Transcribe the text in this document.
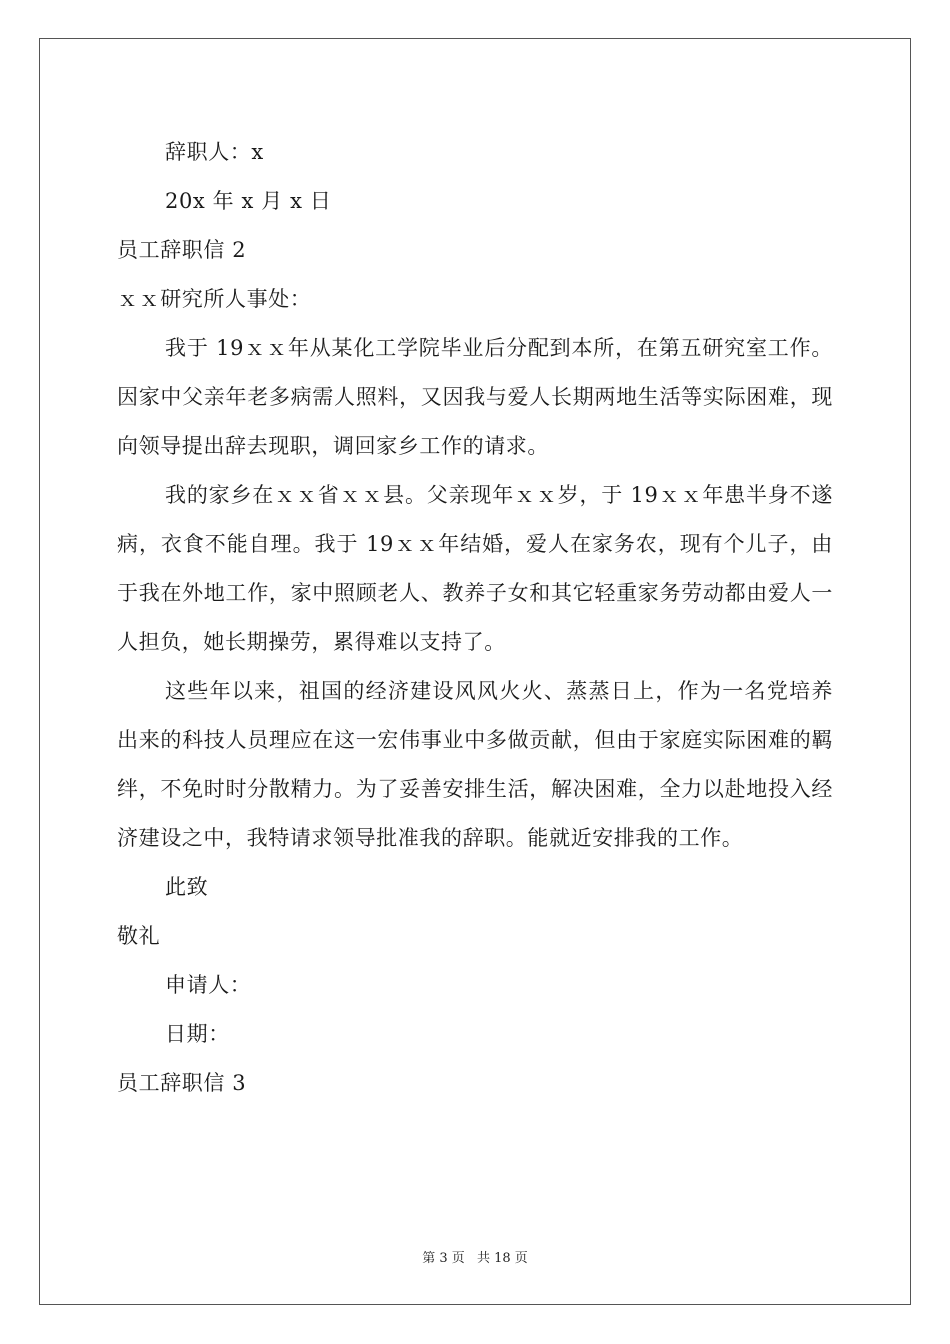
辞职人：x
20x 年 x 月 x 日
员工辞职信 2
ｘｘ研究所人事处：
我于 19ｘｘ年从某化工学院毕业后分配到本所，在第五研究室工作。因家中父亲年老多病需人照料，又因我与爱人长期两地生活等实际困难，现向领导提出辞去现职，调回家乡工作的请求。
我的家乡在ｘｘ省ｘｘ县。父亲现年ｘｘ岁，于 19ｘｘ年患半身不遂病，衣食不能自理。我于 19ｘｘ年结婚，爱人在家务农，现有个儿子，由于我在外地工作，家中照顾老人、教养子女和其它轻重家务劳动都由爱人一人担负，她长期操劳，累得难以支持了。
这些年以来，祖国的经济建设风风火火、蒸蒸日上，作为一名党培养出来的科技人员理应在这一宏伟事业中多做贡献，但由于家庭实际困难的羁绊，不免时时分散精力。为了妥善安排生活，解决困难，全力以赴地投入经济建设之中，我特请求领导批准我的辞职。能就近安排我的工作。
此致
敬礼
申请人：
日期：
员工辞职信 3
第 3 页 共 18 页
